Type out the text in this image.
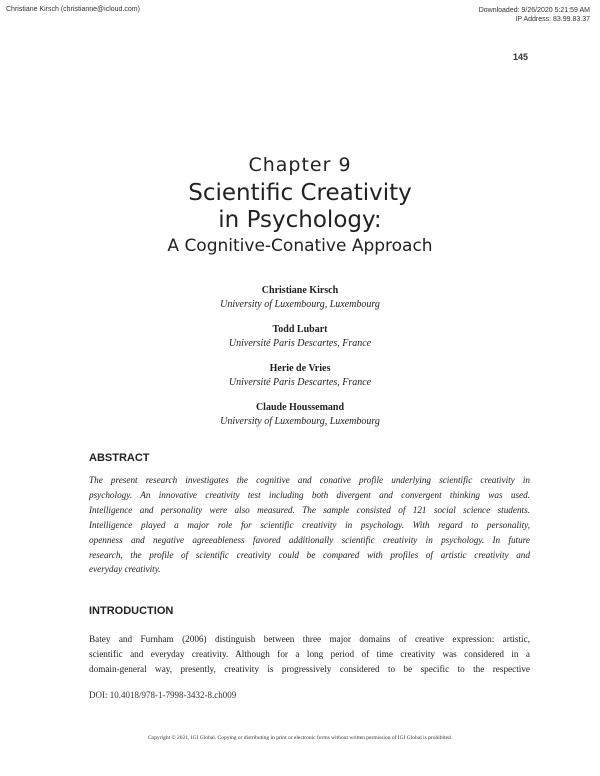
Christiane Kirsch (christianne@icloud.com)	Downloaded: 9/26/2020 5:21:59 AM
IP Address: 83.99.83.37
145
Chapter 9
Scientific Creativity
in Psychology:
A Cognitive-Conative Approach
Christiane Kirsch
University of Luxembourg, Luxembourg
Todd Lubart
Université Paris Descartes, France
Herie de Vries
Université Paris Descartes, France
Claude Houssemand
University of Luxembourg, Luxembourg
ABSTRACT
The present research investigates the cognitive and conative profile underlying scientific creativity in
psychology. An innovative creativity test including both divergent and convergent thinking was used.
Intelligence and personality were also measured. The sample consisted of 121 social science students.
Intelligence played a major role for scientific creativity in psychology. With regard to personality,
openness and negative agreeableness favored additionally scientific creativity in psychology. In future
research, the profile of scientific creativity could be compared with profiles of artistic creativity and
everyday creativity.
INTRODUCTION
Batey and Furnham (2006) distinguish between three major domains of creative expression: artistic,
scientific and everyday creativity. Although for a long period of time creativity was considered in a
domain-general way, presently, creativity is progressively considered to be specific to the respective
DOI: 10.4018/978-1-7998-3432-8.ch009
Copyright © 2021, IGI Global. Copying or distributing in print or electronic forms without written permission of IGI Global is prohibited.
